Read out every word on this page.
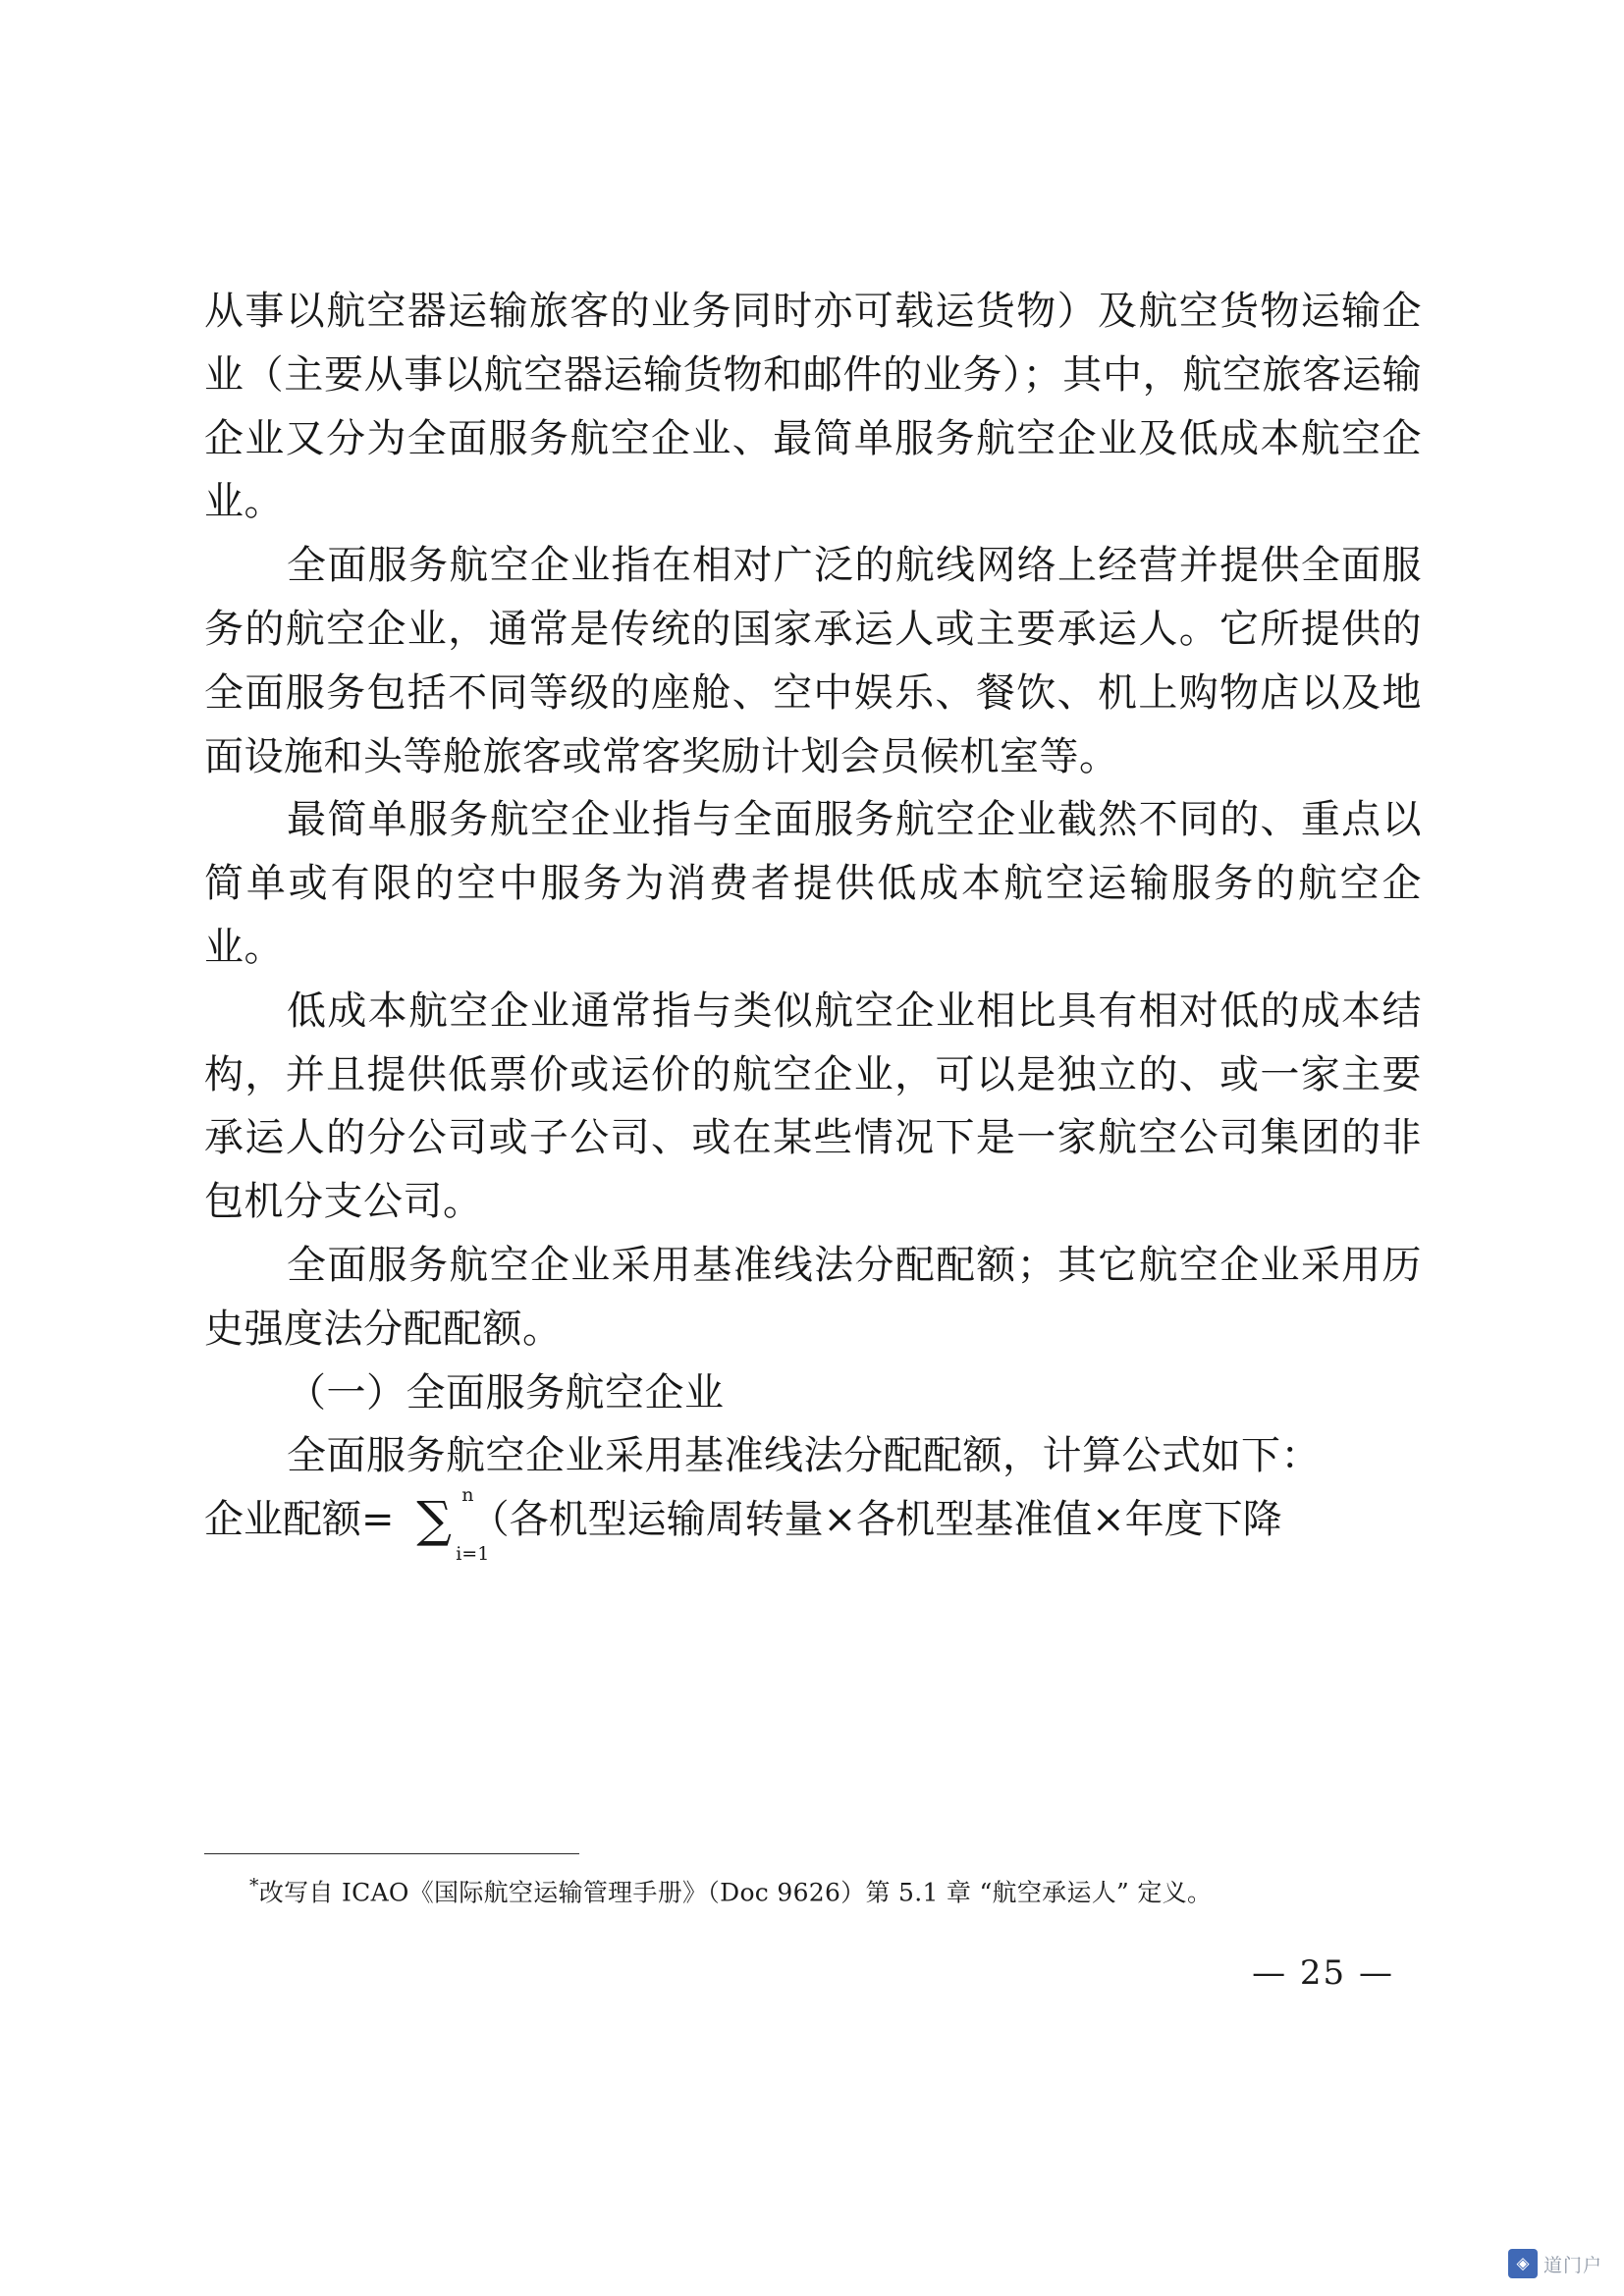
从事以航空器运输旅客的业务同时亦可载运货物）及航空货物运输企业（主要从事以航空器运输货物和邮件的业务）；其中，航空旅客运输企业又分为全面服务航空企业、最简单服务航空企业及低成本航空企业。

全面服务航空企业指在相对广泛的航线网络上经营并提供全面服务的航空企业，通常是传统的国家承运人或主要承运人。它所提供的全面服务包括不同等级的座舱、空中娱乐、餐饮、机上购物店以及地面设施和头等舱旅客或常客奖励计划会员候机室等。

最简单服务航空企业指与全面服务航空企业截然不同的、重点以简单或有限的空中服务为消费者提供低成本航空运输服务的航空企业。

低成本航空企业通常指与类似航空企业相比具有相对低的成本结构，并且提供低票价或运价的航空企业，可以是独立的、或一家主要承运人的分公司或子公司、或在某些情况下是一家航空公司集团的非包机分支公司。

全面服务航空企业采用基准线法分配配额；其它航空企业采用历史强度法分配配额。

（一）全面服务航空企业

全面服务航空企业采用基准线法分配配额，计算公式如下：

企业配额= ∑ n
i=1
（各机型运输周转量×各机型基准值×年度下降
*改写自 ICAO《国际航空运输管理手册》（Doc 9626）第 5.1 章 “航空承运人” 定义。
— 25 —
◈ 道门户
